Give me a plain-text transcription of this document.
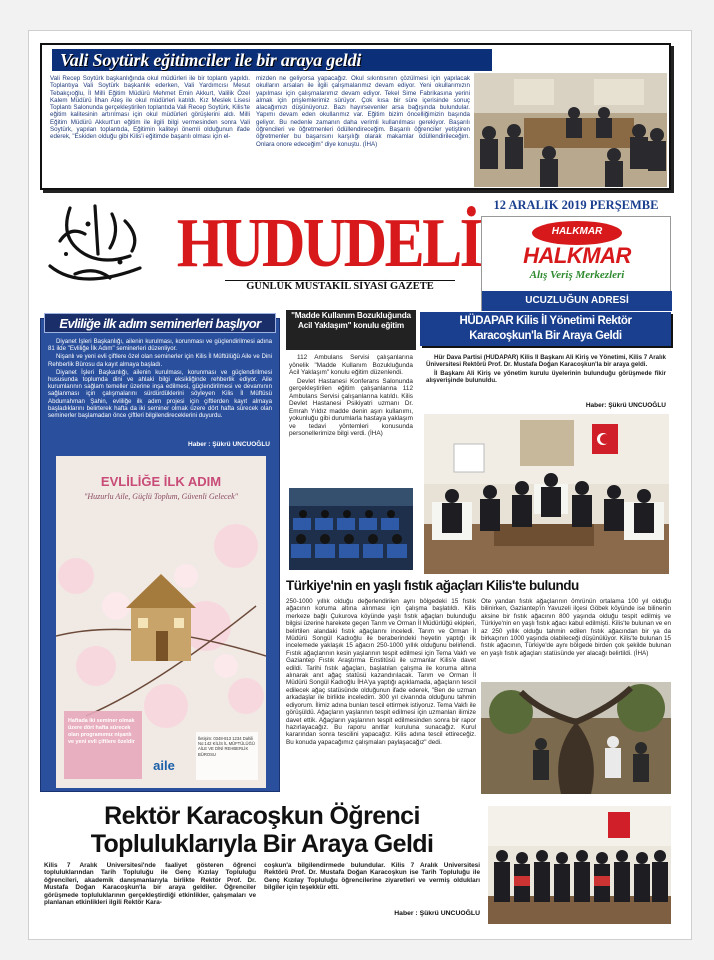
Vali Soytürk eğitimciler ile bir araya geldi
Vali Recep Soytürk başkanlığında okul müdürleri ile bir toplantı yapıldı. Toplantıya Vali Soytürk başkanlık ederken, Vali Yardımcısı Mesut Tebakçıoğlu, İl Milli Eğitim Müdürü Mehmet Emin Akkurt, Valilik Özel Kalem Müdürü İlhan Ateş ile okul müdürleri katıldı. Kız Meslek Lisesi Toplantı Salonunda gerçekleştirilen toplantıda Vali Recep Soytürk, Kilis'te eğitim kalitesinin artırılması için okul müdürleri görüşlerini aldı. Milli Eğitim Müdürü Akkurt'un eğitim ile ilgili bilgi vermesinden sonra Vali Soytürk, yapılan toplantıda, Eğitimin kaliteyi önemli olduğunun ifade ederek, "Eskiden olduğu gibi Kilis'i eğitimde başarılı olması için el-
mizden ne geliyorsa yapacağız. Okul sıkıntısının çözülmesi için yapılacak okulların arsaları ile ilgili çalışmalarımız devam ediyor. Yeni okullarımızın yapılması için çalışmalarımız devam ediyor. Tekel Sime Fabrikasına yerini almak için prişlemlerimiz sürüyor. Çok kısa bir süre içerisinde sonuç alacağımızı düşünüyoruz. Bazı hayırsevenler arsa bağışında bulundular. Yapımı devam eden okullarımız var. Eğitim bizim öncelliğimizin başında geliyor. Bu nedenle zamanın daha verimli kullanılması gerekiyor. Başarılı öğrencileri ve öğretmenleri ödüllendireceğim. Başarılı öğrenciler yetiştiren öğretmenler bu başarısını karşılığı olarak makamlar ödüllendirileceğim. Onlara onore edeceğim" diye konuştu. (İHA)
HUDUDELİ
GÜNLÜK MÜSTAKİL SİYASİ GAZETE
12 ARALIK 2019 PERŞEMBE
HALKMAR
HALKMAR
Alış Veriş Merkezleri
UCUZLUĞUN ADRESİ
Evliliğe ilk adım seminerleri başlıyor

Diyanet İşleri Başkanlığı, ailenin kurulması, korunması ve güçlendirilmesi adına 81 ilde "Evliliğe İlk Adım" seminerleri düzenliyor.

Nişanlı ve yeni evli çiftlere özel olan seminerler için Kilis İl Müftülüğü Aile ve Dini Rehberlik Bürosu da kayıt almaya başladı.

Diyanet İşleri Başkanlığı, ailenin kurulması, korunması ve güçlendirilmesi hususunda toplumda dini ve ahlaki bilgi eksikliğinde rehberlik ediyor. Aile kurumlarının sağlam temeller üzerine inşa edilmesi, güçlendirilmesi ve devamının sağlanması için çalışmalarını sürdürdüklerini söyleyen Kilis İl Müftüsü Abdurrahman Şahin, evliliğe ilk adım projesi için çiftlerden kayıt almaya başladıklarını belirterek hafta da iki seminer olmak üzere dört hafta sürecek olan seminerler başlamadan önce çiftleri bilgilendireceklerini duyurdu.

Haber : Şükrü UNCUOĞLU
EVLİLİĞE İLK ADIM
"Huzurlu Aile, Güçlü Toplum, Güvenli Gelecek"
Haftada iki seminer olmak üzere dört hafta sürecek olan programımız nişanlı ve yeni evli çiftlere özeldir
İletişim: 0348-813 1234 Dahili No:142 KİLİS İL MÜFTÜLÜĞÜ AİLE VE DİNİ REHBERLİK BÜROSU
aile
"Madde Kullanım Bozukluğunda Acil Yaklaşım" konulu eğitim

112 Ambulans Servisi çalışanlarına yönelik "Madde Kullanım Bozukluğunda Acil Yaklaşım" konulu eğitim düzenlendi.

Devlet Hastanesi Konferans Salonunda gerçekleştirilen eğitim çalışanlarına 112 Ambulans Servisi çalışanlarına katıldı. Kilis Devlet Hastanesi Psikiyatri uzmanı Dr. Emrah Yıldız madde denin aşırı kullanımı, yokunluğu gibi durumlarla hastaya yaklaşım ve tedavi yöntemleri konusunda personellerimize bilgi verdi. (İHA)

HÜDAPAR Kilis İl Yönetimi Rektör Karacoşkun'la Bir Araya Geldi

Hür Dava Partisi (HÜDAPAR) Kilis İl Başkanı Ali Kiriş ve Yönetimi, Kilis 7 Aralık Üniversitesi Rektörü Prof. Dr. Mustafa Doğan Karacoşkun'la bir araya geldi.

İl Başkanı Ali Kiriş ve yönetim kurulu üyelerinin bulunduğu görüşmede fikir alışverişinde bulunuldu.

Haber: Şükrü UNCUOĞLU
Türkiye'nin en yaşlı fıstık ağaçları Kilis'te bulundu
250-1000 yıllık olduğu değerlendirilen aynı bölgedeki 15 fıstık ağacının koruma altına alınması için çalışma başlatıldı. Kilis merkeze bağlı Çukurova köyünde yaşlı fıstık ağaçları bulunduğu bilgisi üzerine harekete geçen Tarım ve Orman İl Müdürlüğü ekipleri, belirtilen alandaki fıstık ağaçlarını inceledi. Tarım ve Orman İl Müdürü Songül Kadıoğlu ile beraberindeki heyetin yaptığı ilk incelemede yaklaşık 15 ağacın 250-1000 yıllık olduğunu belirlendi. Fıstık ağaçlarının kesin yaşlarının tespit edilmesi için Tema Vakfı ve Gaziantep Fıstık Araştırma Enstitüsü ile uzmanlar Kilis'e davet edildi. Tarihi fıstık ağaçları, başlatılan çalışma ile koruma altına alınarak anıt ağaç statüsü kazandırılacak. Tarım ve Orman İl Müdürü Songül Kadıoğlu İHA'ya yaptığı açıklamada, ağaçların tescil edilecek ağaç statüsünde olduğunun ifade ederek, "Ben de uzman arkadaşlar ile birlikte inceledim. 300 yıl civarında olduğunu tahmin ediyorum. İlimiz adına bunları tescil ettirmek istiyoruz. Tema Vakfı ile görüşüldü. Ağaçların yaşlarının tespit edilmesi için uzmanları ilimize davet ettik. Ağaçların yaşlarının tespit edilmesinden sonra bir rapor hazırlayacağız. Bu raporu anıtlar kuruluna sunacağız. Kurul kararından sonra tescilini yapacağız. Kilis adına tescil ettireceğiz. Bu konuda yapacağımız çalışmaları paylaşacağız" dedi.
Öte yandan fıstık ağaçlarının ömrünün ortalama 100 yıl olduğu bilinirken, Gaziantep'in Yavuzeli ilçesi Göbek köyünde ise bilinenin aksine bir fıstık ağacının 800 yaşında olduğu tespit edilmiş ve Türkiye'nin en yaşlı fıstık ağacı kabul edilmişti. Kilis'te bulunan ve en az 250 yıllık olduğu tahmin edilen fıstık ağacından bir ya da birkaçının 1000 yaşında olabileceği düşünülüyor. Kilis'te bulunan 15 fıstık ağacının, Türkiye'de aynı bölgede birden çok şekilde bulunan en yaşlı fıstık ağaçları statüsünde yer alacağı belirtildi. (İHA)
Rektör Karacoşkun Öğrenci
Topluluklarıyla Bir Araya Geldi
Kilis 7 Aralık Üniversitesi'nde faaliyet gösteren öğrenci topluluklarından Tarih Topluluğu ile Genç Kızılay Topluluğu öğrencileri, akademik danışmanlarıyla birlikte Rektör Prof. Dr. Mustafa Doğan Karacoşkun'la bir araya geldiler. Öğrenciler görüşmede topluluklarının gerçekleştirdiği etkinlikler, çalışmaları ve planlanan etkinlikleri ilgili Rektör Kara-
coşkun'a bilgilendirmede bulundular. Kilis 7 Aralık Üniversitesi Rektörü Prof. Dr. Mustafa Doğan Karacoşkun ise Tarih Topluluğu ile Genç Kızılay Topluluğu öğrencilerine ziyaretleri ve vermiş oldukları bilgiler için teşekkür etti.
Haber : Şükrü UNCUOĞLU
